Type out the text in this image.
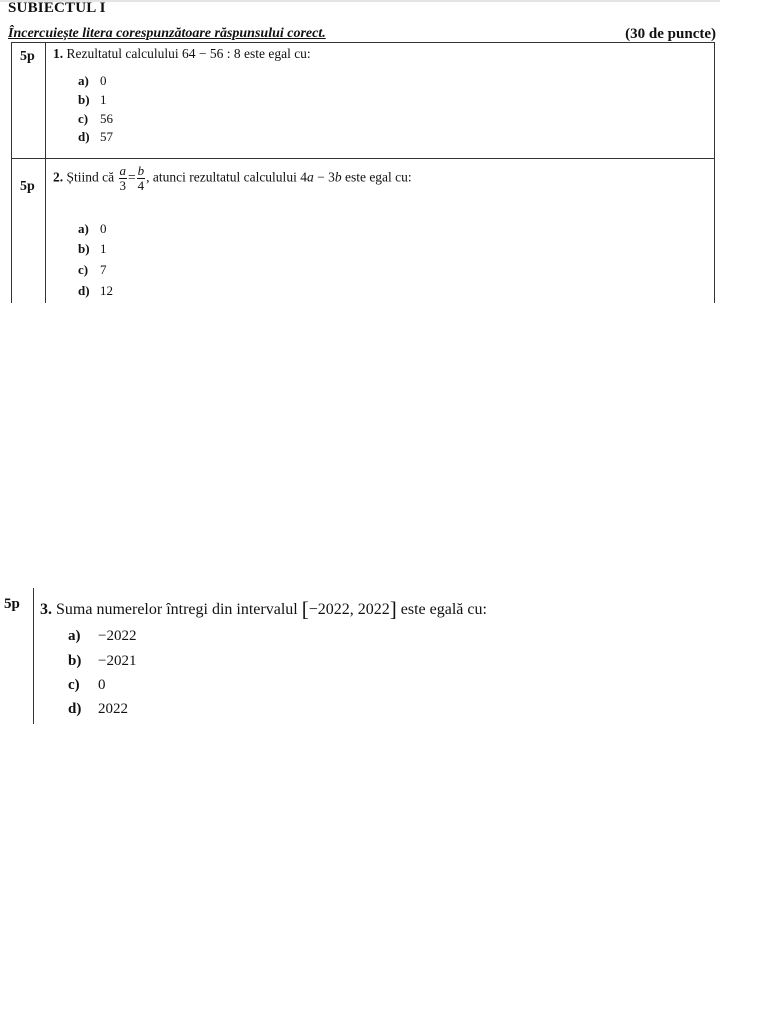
SUBIECTUL I
Încercuiește litera corespunzătoare răspunsului corect.	(30 de puncte)
5p 1. Rezultatul calculului 64 − 56 : 8 este egal cu:
a) 0
b) 1
c) 56
d) 57
5p
2. Știind că $\frac{a}{3} = \frac{b}{4}$ , atunci rezultatul calculului 4a − 3b este egal cu:
a) 0
b) 1
c) 7
d) 12
5p 3. Suma numerelor întregi din intervalul [−2022, 2022] este egală cu:
a) −2022
b) −2021
c) 0
d) 2022
